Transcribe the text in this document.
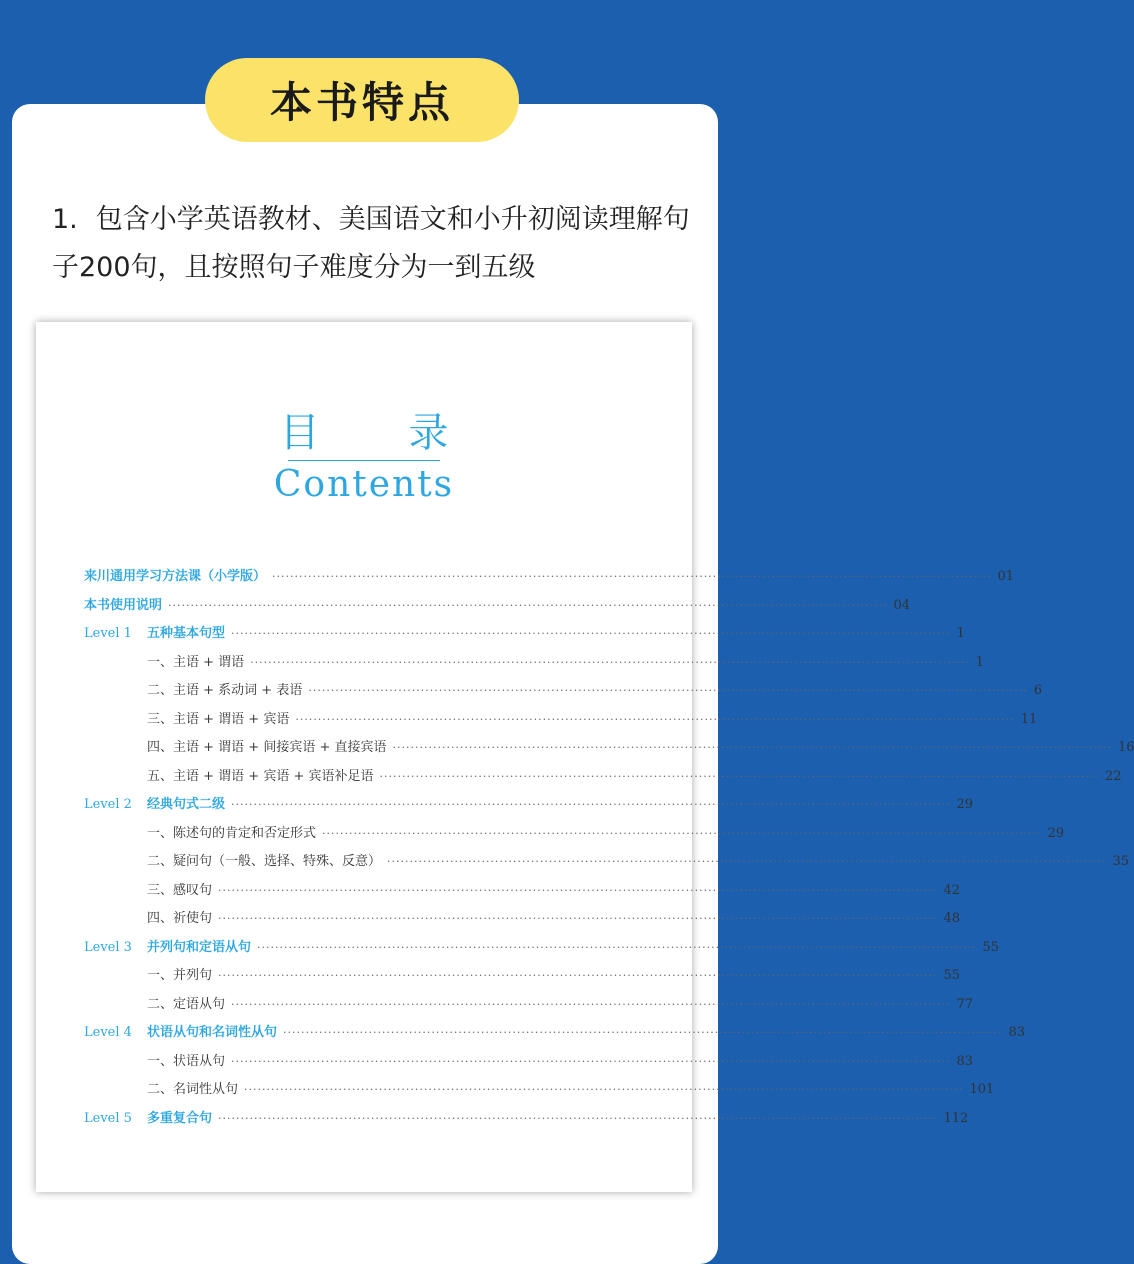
本书特点
1. 包含小学英语教材、美国语文和小升初阅读理解句子200句，且按照句子难度分为一到五级
目 录
Contents
来川通用学习方法课（小学版） ································································································································································ 01
本书使用说明 ································································································································································ 04
Level 1	五种基本句型 ································································································································································ 1
一、主语 + 谓语 ································································································································································ 1
二、主语 + 系动词 + 表语 ································································································································································ 6
三、主语 + 谓语 + 宾语 ································································································································································ 11
四、主语 + 谓语 + 间接宾语 + 直接宾语 ································································································································································ 16
五、主语 + 谓语 + 宾语 + 宾语补足语 ································································································································································ 22
Level 2	经典句式二级 ································································································································································ 29
一、陈述句的肯定和否定形式 ································································································································································ 29
二、疑问句（一般、选择、特殊、反意） ································································································································································ 35
三、感叹句 ································································································································································ 42
四、祈使句 ································································································································································ 48
Level 3	并列句和定语从句 ································································································································································ 55
一、并列句 ································································································································································ 55
二、定语从句 ································································································································································ 77
Level 4	状语从句和名词性从句 ································································································································································ 83
一、状语从句 ································································································································································ 83
二、名词性从句 ································································································································································ 101
Level 5	多重复合句 ································································································································································ 112
